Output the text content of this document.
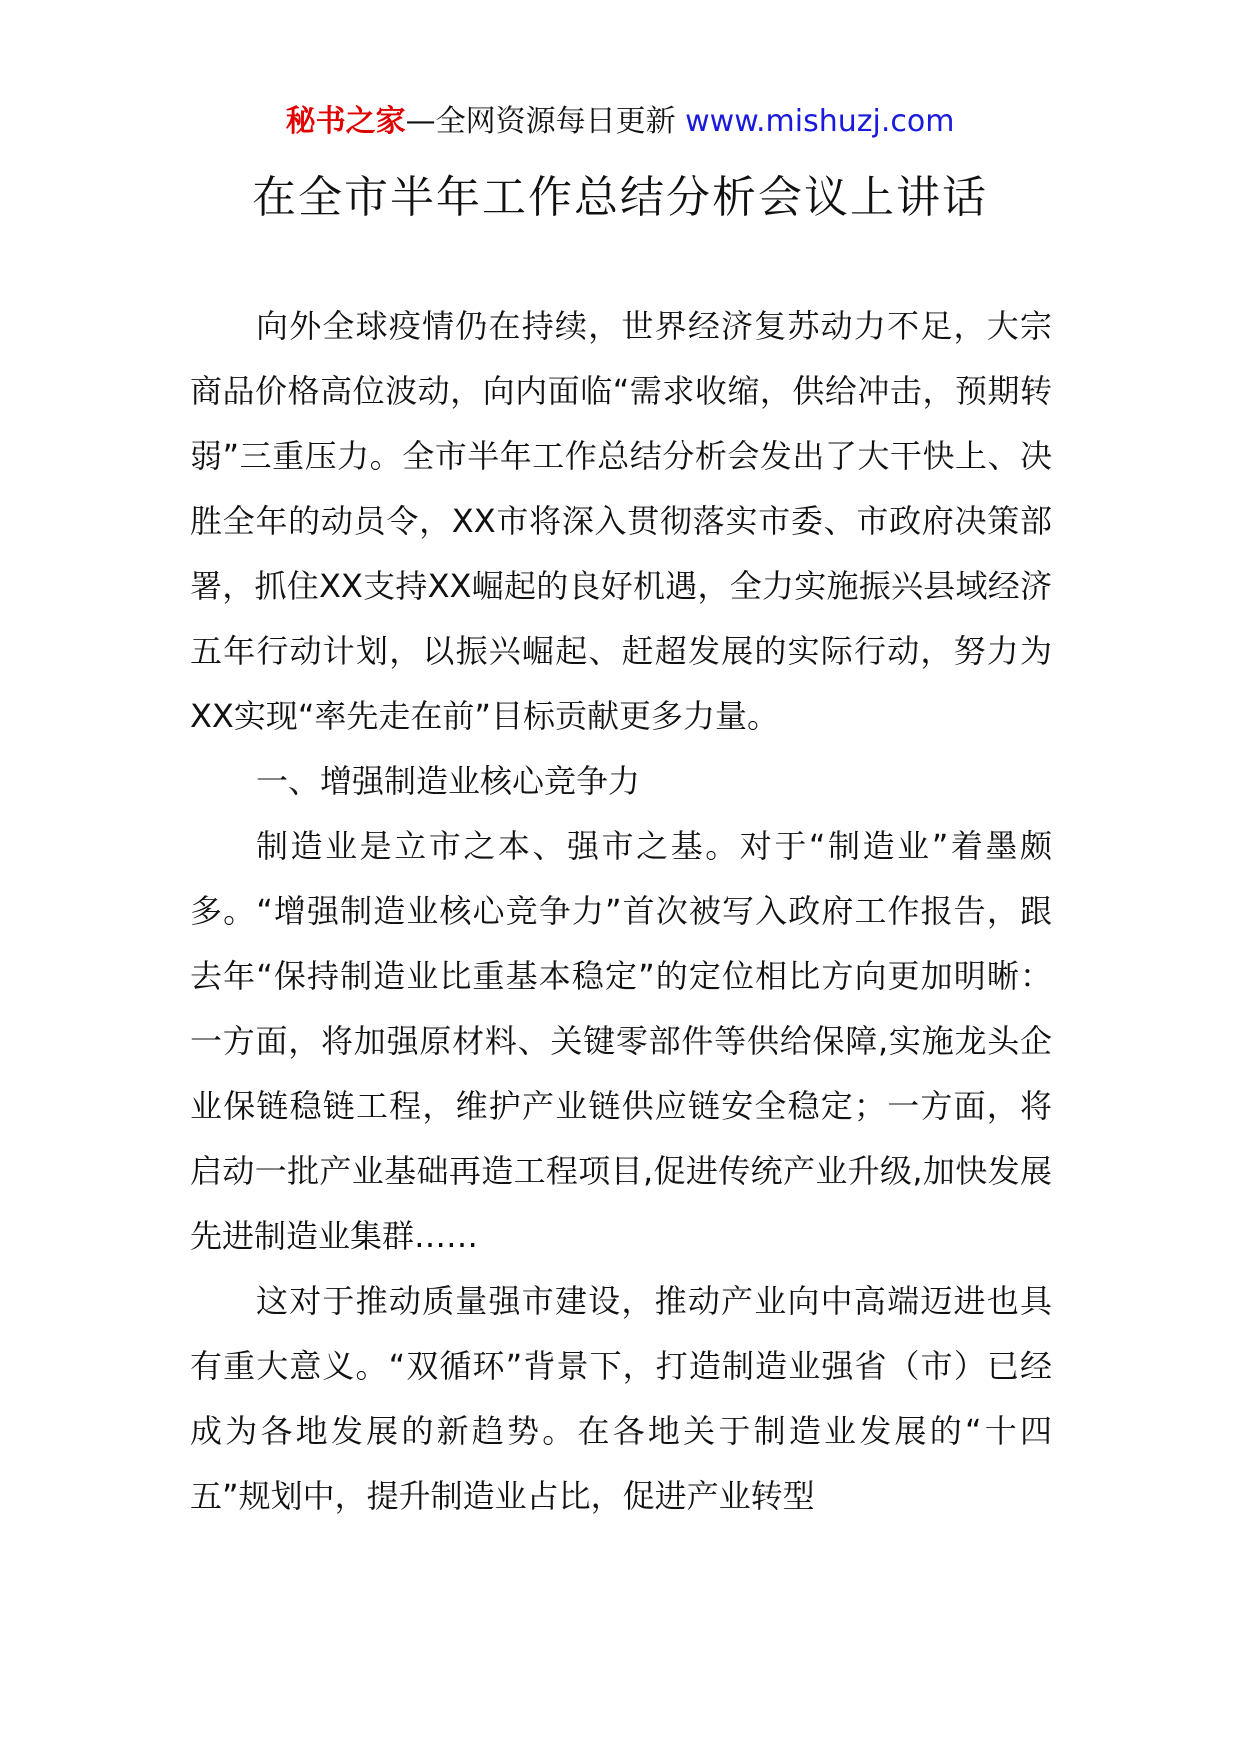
秘书之家—全网资源每日更新 www.mishuzj.com
在全市半年工作总结分析会议上讲话

向外全球疫情仍在持续，世界经济复苏动力不足，大宗商品价格高位波动，向内面临“需求收缩，供给冲击，预期转弱”三重压力。全市半年工作总结分析会发出了大干快上、决胜全年的动员令，XX市将深入贯彻落实市委、市政府决策部署，抓住XX支持XX崛起的良好机遇，全力实施振兴县域经济五年行动计划，以振兴崛起、赶超发展的实际行动，努力为XX实现“率先走在前”目标贡献更多力量。

一、增强制造业核心竞争力

制造业是立市之本、强市之基。对于“制造业”着墨颇多。“增强制造业核心竞争力”首次被写入政府工作报告，跟去年“保持制造业比重基本稳定”的定位相比方向更加明晰：一方面，将加强原材料、关键零部件等供给保障,实施龙头企业保链稳链工程，维护产业链供应链安全稳定；一方面，将启动一批产业基础再造工程项目,促进传统产业升级,加快发展先进制造业集群……

这对于推动质量强市建设，推动产业向中高端迈进也具有重大意义。“双循环”背景下，打造制造业强省（市）已经成为各地发展的新趋势。在各地关于制造业发展的“十四五”规划中，提升制造业占比，促进产业转型
